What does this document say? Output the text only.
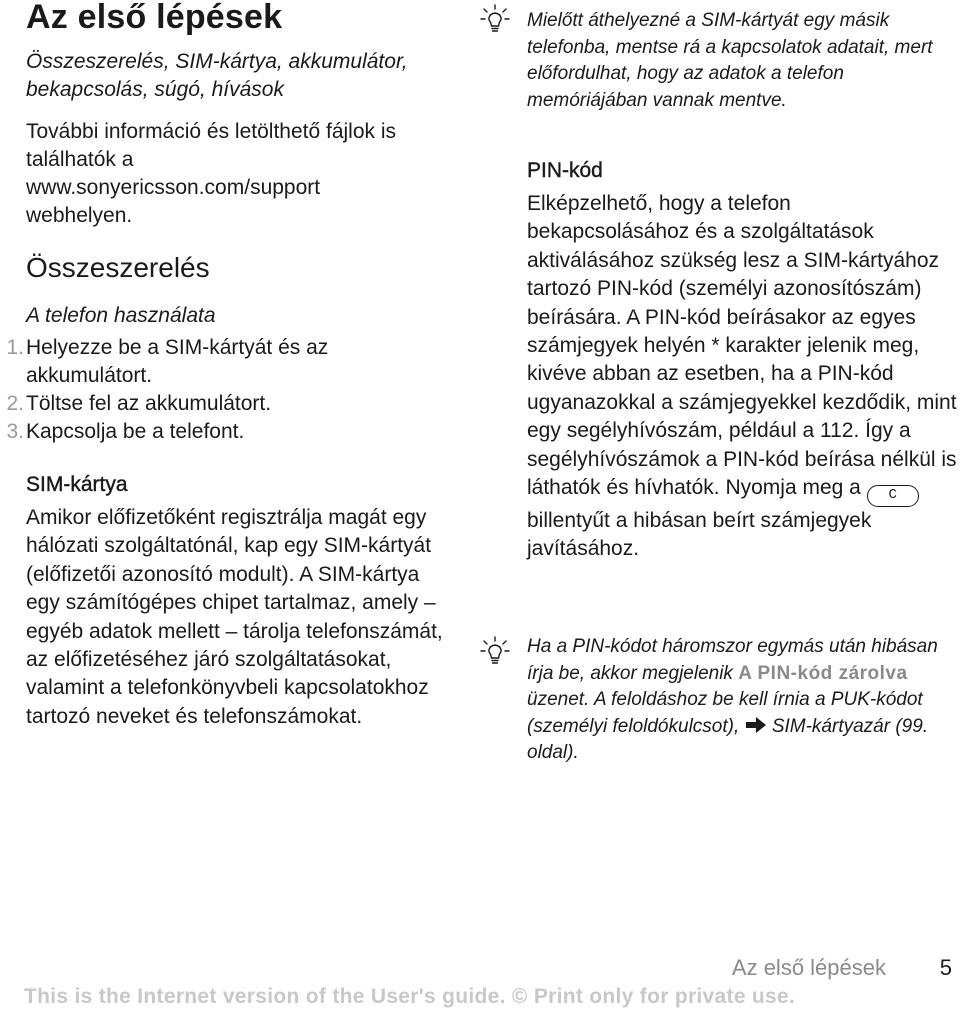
Az első lépések
Összeszerelés, SIM-kártya, akkumulátor, bekapcsolás, súgó, hívások
További információ és letölthető fájlok is találhatók a www.sonyericsson.com/support webhelyen.
Összeszerelés
A telefon használata
1. Helyezze be a SIM-kártyát és az akkumulátort.
2. Töltse fel az akkumulátort.
3. Kapcsolja be a telefont.
SIM-kártya
Amikor előfizetőként regisztrálja magát egy hálózati szolgáltatónál, kap egy SIM-kártyát (előfizetői azonosító modult). A SIM-kártya egy számítógépes chipet tartalmaz, amely – egyéb adatok mellett – tárolja telefonszámát, az előfizetéséhez járó szolgáltatásokat, valamint a telefonkönyvbeli kapcsolatokhoz tartozó neveket és telefonszámokat.
Mielőtt áthelyezné a SIM-kártyát egy másik telefonba, mentse rá a kapcsolatok adatait, mert előfordulhat, hogy az adatok a telefon memóriájában vannak mentve.
PIN-kód
Elképzelhető, hogy a telefon bekapcsolásához és a szolgáltatások aktiválásához szükség lesz a SIM-kártyához tartozó PIN-kód (személyi azonosítószám) beírására. A PIN-kód beírásakor az egyes számjegyek helyén * karakter jelenik meg, kivéve abban az esetben, ha a PIN-kód ugyanazokkal a számjegyekkel kezdődik, mint egy segélyhívószám, például a 112. Így a segélyhívószámok a PIN-kód beírása nélkül is láthatók és hívhatók. Nyomja meg a C billentyűt a hibásan beírt számjegyek javításához.
Ha a PIN-kódot háromszor egymás után hibásan írja be, akkor megjelenik A PIN-kód zárolva üzenet. A feloldáshoz be kell írnia a PUK-kódot (személyi feloldókulcsot), SIM-kártyazár (99. oldal).
Az első lépések 5
This is the Internet version of the User's guide. © Print only for private use.
